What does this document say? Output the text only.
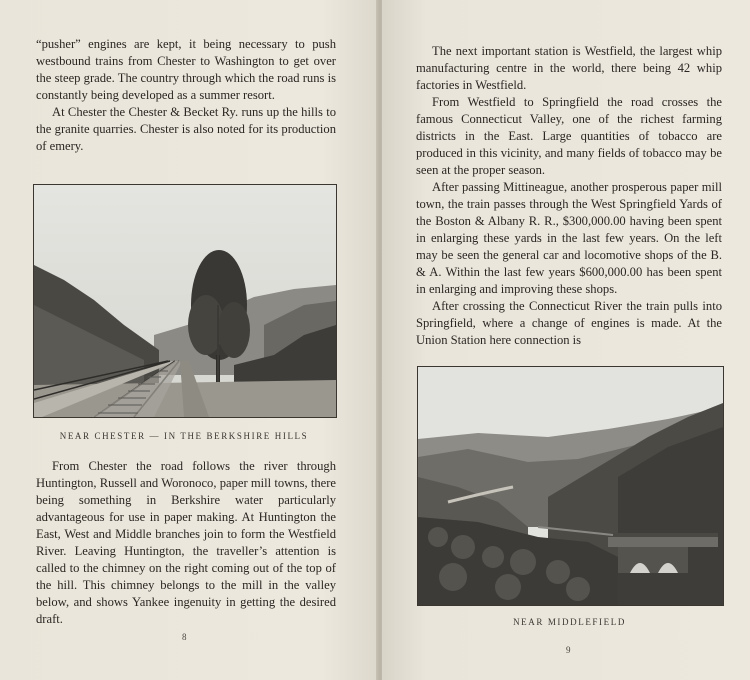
“pusher” engines are kept, it being necessary to push westbound trains from Chester to Washington to get over the steep grade. The country through which the road runs is constantly being developed as a summer resort.

At Chester the Chester & Becket Ry. runs up the hills to the granite quarries. Chester is also noted for its production of emery.

NEAR CHESTER — IN THE BERKSHIRE HILLS

From Chester the road follows the river through Huntington, Russell and Woronoco, paper mill towns, there being something in Berkshire water particularly advantageous for use in paper making. At Huntington the East, West and Middle branches join to form the Westfield River. Leaving Huntington, the traveller’s attention is called to the chimney on the right coming out of the top of the hill. This chimney belongs to the mill in the valley below, and shows Yankee ingenuity in getting the desired draft.

8

The next important station is Westfield, the largest whip manufacturing centre in the world, there being 42 whip factories in Westfield.

From Westfield to Springfield the road crosses the famous Connecticut Valley, one of the richest farming districts in the East. Large quantities of tobacco are produced in this vicinity, and many fields of tobacco may be seen at the proper season.

After passing Mittineague, another prosperous paper mill town, the train passes through the West Springfield Yards of the Boston & Albany R. R., $300,000.00 having been spent in enlarging these yards in the last few years. On the left may be seen the general car and locomotive shops of the B. & A. Within the last few years $600,000.00 has been spent in enlarging and improving these shops.

After crossing the Connecticut River the train pulls into Springfield, where a change of engines is made. At the Union Station here connection is

NEAR MIDDLEFIELD

9
